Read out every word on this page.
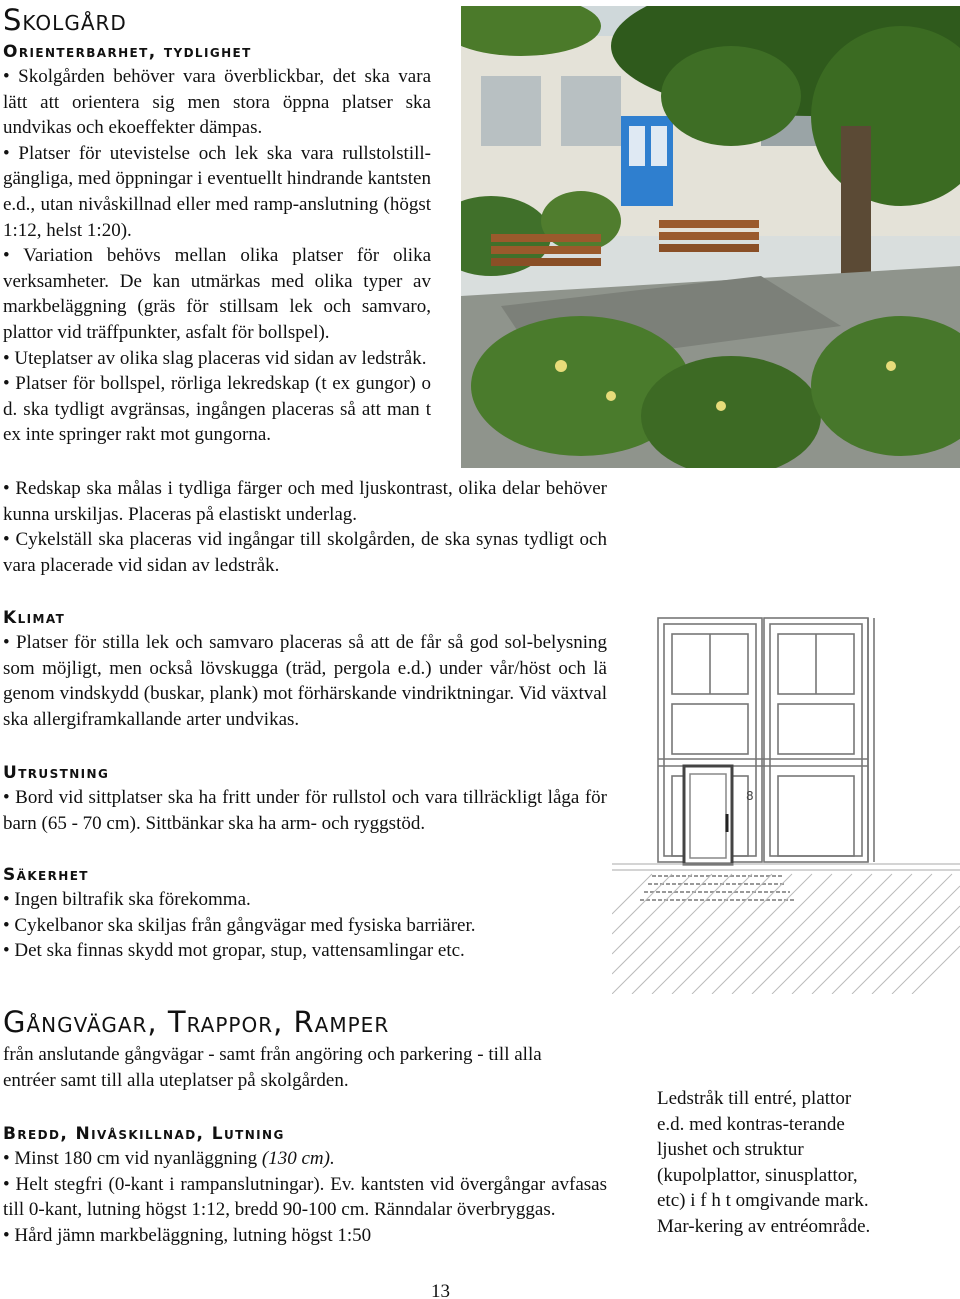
Skolgård
Orienterbarhet, tydlighet

• Skolgården behöver vara överblickbar, det ska vara lätt att orientera sig men stora öppna platser ska undvikas och ekoeffekter dämpas.

• Platser för utevistelse och lek ska vara rullstolstill-gängliga, med öppningar i eventuellt hindrande kantsten e.d., utan nivåskillnad eller med ramp-anslutning (högst 1:12, helst 1:20).

• Variation behövs mellan olika platser för olika verksamheter. De kan utmärkas med olika typer av markbeläggning (gräs för stillsam lek och samvaro, plattor vid träffpunkter, asfalt för bollspel).

• Uteplatser av olika slag placeras vid sidan av ledstråk.

• Platser för bollspel, rörliga lekredskap (t ex gungor) o d. ska tydligt avgränsas, ingången placeras så att man t ex inte springer rakt mot gungorna.

• Redskap ska målas i tydliga färger och med ljuskontrast, olika delar behöver kunna urskiljas. Placeras på elastiskt underlag.

• Cykelställ ska placeras vid ingångar till skolgården, de ska synas tydligt och vara placerade vid sidan av ledstråk.

Klimat

• Platser för stilla lek och samvaro placeras så att de får så god sol-belysning som möjligt, men också lövskugga (träd, pergola e.d.) under vår/höst och lä genom vindskydd (buskar, plank) mot förhärskande vindriktningar. Vid växtval ska allergiframkallande arter undvikas.

Utrustning

• Bord vid sittplatser ska ha fritt under för rullstol och vara tillräckligt låga för barn (65 - 70 cm). Sittbänkar ska ha arm- och ryggstöd.

Säkerhet

• Ingen biltrafik ska förekomma.

• Cykelbanor ska skiljas från gångvägar med fysiska barriärer.

• Det ska finnas skydd mot gropar, stup, vattensamlingar etc.

8
Gångvägar, Trappor, Ramper

från anslutande gångvägar - samt från angöring och parkering - till alla entréer samt till alla uteplatser på skolgården.

Bredd, Nivåskillnad, Lutning

• Minst 180 cm vid nyanläggning (130 cm).

• Helt stegfri (0-kant i rampanslutningar). Ev. kantsten vid övergångar avfasas till 0-kant, lutning högst 1:12, bredd 90-100 cm. Ränndalar överbryggas.

• Hård jämn markbeläggning, lutning högst 1:50

Ledstråk till entré, plattor e.d. med kontras-terande ljushet och struktur (kupolplattor, sinusplattor, etc) i f h t omgivande mark. Mar-kering av entréområde.

13
